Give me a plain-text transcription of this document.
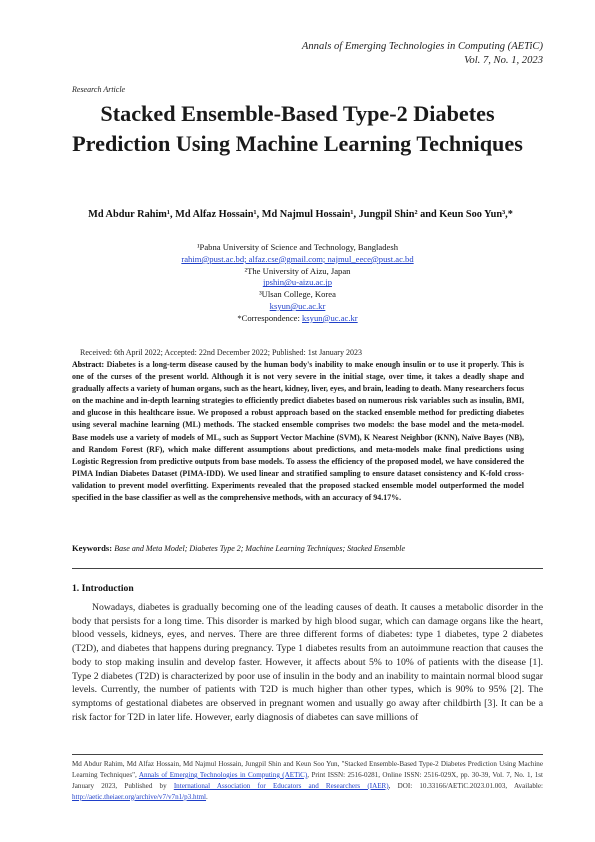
Annals of Emerging Technologies in Computing (AETiC)
Vol. 7, No. 1, 2023
Research Article
Stacked Ensemble-Based Type-2 Diabetes Prediction Using Machine Learning Techniques
Md Abdur Rahim¹, Md Alfaz Hossain¹, Md Najmul Hossain¹, Jungpil Shin² and Keun Soo Yun³,*
¹Pabna University of Science and Technology, Bangladesh
rahim@pust.ac.bd; alfaz.cse@gmail.com; najmul_eece@pust.ac.bd
²The University of Aizu, Japan
jpshin@u-aizu.ac.jp
³Ulsan College, Korea
ksyun@uc.ac.kr
*Correspondence: ksyun@uc.ac.kr
Received: 6th April 2022; Accepted: 22nd December 2022; Published: 1st January 2023
Abstract: Diabetes is a long-term disease caused by the human body's inability to make enough insulin or to use it properly. This is one of the curses of the present world. Although it is not very severe in the initial stage, over time, it takes a deadly shape and gradually affects a variety of human organs, such as the heart, kidney, liver, eyes, and brain, leading to death. Many researchers focus on the machine and in-depth learning strategies to efficiently predict diabetes based on numerous risk variables such as insulin, BMI, and glucose in this healthcare issue. We proposed a robust approach based on the stacked ensemble method for predicting diabetes using several machine learning (ML) methods. The stacked ensemble comprises two models: the base model and the meta-model. Base models use a variety of models of ML, such as Support Vector Machine (SVM), K Nearest Neighbor (KNN), Naïve Bayes (NB), and Random Forest (RF), which make different assumptions about predictions, and meta-models make final predictions using Logistic Regression from predictive outputs from base models. To assess the efficiency of the proposed model, we have considered the PIMA Indian Diabetes Dataset (PIMA-IDD). We used linear and stratified sampling to ensure dataset consistency and K-fold cross-validation to prevent model overfitting. Experiments revealed that the proposed stacked ensemble model outperformed the model specified in the base classifier as well as the comprehensive methods, with an accuracy of 94.17%.
Keywords: Base and Meta Model; Diabetes Type 2; Machine Learning Techniques; Stacked Ensemble
1. Introduction

Nowadays, diabetes is gradually becoming one of the leading causes of death. It causes a metabolic disorder in the body that persists for a long time. This disorder is marked by high blood sugar, which can damage organs like the heart, blood vessels, kidneys, eyes, and nerves. There are three different forms of diabetes: type 1 diabetes, type 2 diabetes (T2D), and diabetes that happens during pregnancy. Type 1 diabetes results from an autoimmune reaction that causes the body to stop making insulin and develop faster. However, it affects about 5% to 10% of patients with the disease [1]. Type 2 diabetes (T2D) is characterized by poor use of insulin in the body and an inability to maintain normal blood sugar levels. Currently, the number of patients with T2D is much higher than other types, which is 90% to 95% [2]. The symptoms of gestational diabetes are observed in pregnant women and usually go away after childbirth [3]. It can be a risk factor for T2D in later life. However, early diagnosis of diabetes can save millions of

Md Abdur Rahim, Md Alfaz Hossain, Md Najmul Hossain, Jungpil Shin and Keun Soo Yun, "Stacked Ensemble-Based Type-2 Diabetes Prediction Using Machine Learning Techniques", Annals of Emerging Technologies in Computing (AETiC), Print ISSN: 2516-0281, Online ISSN: 2516-029X, pp. 30-39, Vol. 7, No. 1, 1st January 2023, Published by International Association for Educators and Researchers (IAER), DOI: 10.33166/AETiC.2023.01.003, Available: http://aetic.theiaer.org/archive/v7/v7n1/p3.html.
